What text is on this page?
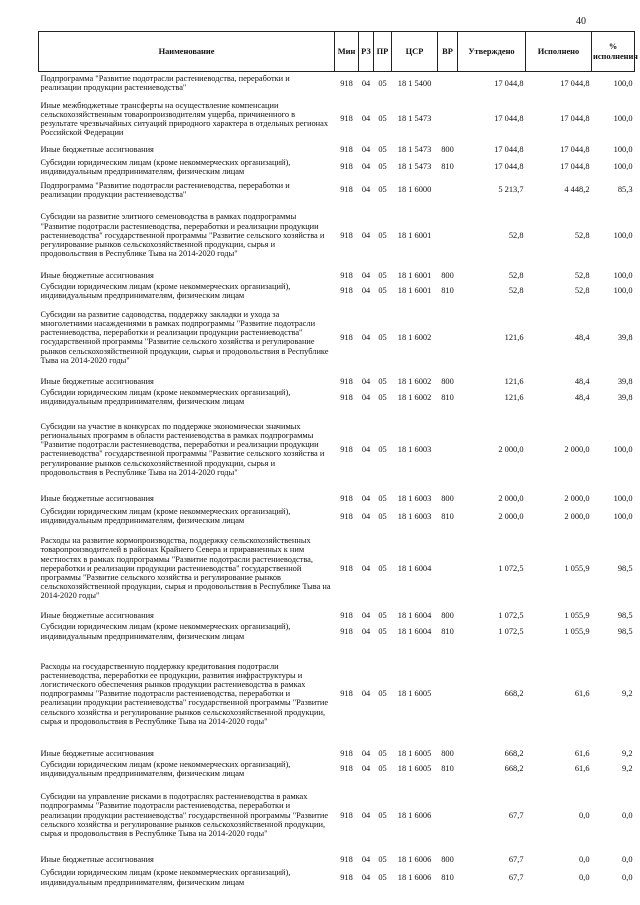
40
Наименование	Мин	РЗ	ПР	ЦСР	ВР	Утверждено	Исполнено	% исполнения
Подпрограмма "Развитие подотрасли растениеводства, переработки и реализации продукции растениеводства"	918	04	05	18 1 5400		17 044,8	17 044,8	100,0
Иные межбюджетные трансферты на осуществление компенсации сельскохозяйственным товаропроизводителям ущерба, причиненного в результате чрезвычайных ситуаций природного характера в отдельных регионах Российской Федерации	918	04	05	18 1 5473		17 044,8	17 044,8	100,0
Иные бюджетные ассигнования	918	04	05	18 1 5473	800	17 044,8	17 044,8	100,0
Субсидии юридическим лицам (кроме некоммерческих организаций), индивидуальным предпринимателям, физическим лицам	918	04	05	18 1 5473	810	17 044,8	17 044,8	100,0
Подпрограмма "Развитие подотрасли растениеводства, переработки и реализации продукции растениеводства"	918	04	05	18 1 6000		5 213,7	4 448,2	85,3
Субсидии на развитие элитного семеноводства в рамках подпрограммы "Развитие подотрасли растениеводства, переработки и реализации продукции растениеводства" государственной программы "Развитие сельского хозяйства и регулирование рынков сельскохозяйственной продукции, сырья и продовольствия в Республике Тыва на 2014-2020 годы"	918	04	05	18 1 6001		52,8	52,8	100,0
Иные бюджетные ассигнования	918	04	05	18 1 6001	800	52,8	52,8	100,0
Субсидии юридическим лицам (кроме некоммерческих организаций), индивидуальным предпринимателям, физическим лицам	918	04	05	18 1 6001	810	52,8	52,8	100,0
Субсидии на развитие садоводства, поддержку закладки и ухода за многолетними насаждениями в рамках подпрограммы "Развитие подотрасли растениеводства, переработки и реализации продукции растениеводства" государственной программы "Развитие сельского хозяйства и регулирование рынков сельскохозяйственной продукции, сырья и продовольствия в Республике Тыва на 2014-2020 годы"	918	04	05	18 1 6002		121,6	48,4	39,8
Иные бюджетные ассигнования	918	04	05	18 1 6002	800	121,6	48,4	39,8
Субсидии юридическим лицам (кроме некоммерческих организаций), индивидуальным предпринимателям, физическим лицам	918	04	05	18 1 6002	810	121,6	48,4	39,8
Субсидии на участие в конкурсах по поддержке экономически значимых региональных программ в области растениеводства в рамках подпрограммы "Развитие подотрасли растениеводства, переработки и реализации продукции растениеводства" государственной программы "Развитие сельского хозяйства и регулирование рынков сельскохозяйственной продукции, сырья и продовольствия в Республике Тыва на 2014-2020 годы"	918	04	05	18 1 6003		2 000,0	2 000,0	100,0
Иные бюджетные ассигнования	918	04	05	18 1 6003	800	2 000,0	2 000,0	100,0
Субсидии юридическим лицам (кроме некоммерческих организаций), индивидуальным предпринимателям, физическим лицам	918	04	05	18 1 6003	810	2 000,0	2 000,0	100,0
Расходы на развитие кормопроизводства, поддержку сельскохозяйственных товаропроизводителей в районах Крайнего Севера и приравненных к ним местностях в рамках подпрограммы "Развитие подотрасли растениеводства, переработки и реализации продукции растениеводства" государственной программы "Развитие сельского хозяйства и регулирование рынков сельскохозяйственной продукции, сырья и продовольствия в Республике Тыва на 2014-2020 годы"	918	04	05	18 1 6004		1 072,5	1 055,9	98,5
Иные бюджетные ассигнования	918	04	05	18 1 6004	800	1 072,5	1 055,9	98,5
Субсидии юридическим лицам (кроме некоммерческих организаций), индивидуальным предпринимателям, физическим лицам	918	04	05	18 1 6004	810	1 072,5	1 055,9	98,5
Расходы на государственную поддержку кредитования подотрасли растениеводства, переработки ее продукции, развития инфраструктуры и логистического обеспечения рынков продукции растениеводства в рамках подпрограммы "Развитие подотрасли растениеводства, переработки и реализации продукции растениеводства" государственной программы "Развитие сельского хозяйства и регулирование рынков сельскохозяйственной продукции, сырья и продовольствия в Республике Тыва на 2014-2020 годы"	918	04	05	18 1 6005		668,2	61,6	9,2
Иные бюджетные ассигнования	918	04	05	18 1 6005	800	668,2	61,6	9,2
Субсидии юридическим лицам (кроме некоммерческих организаций), индивидуальным предпринимателям, физическим лицам	918	04	05	18 1 6005	810	668,2	61,6	9,2
Субсидии на управление рисками в подотраслях растениеводства в рамках подпрограммы "Развитие подотрасли растениеводства, переработки и реализации продукции растениеводства" государственной программы "Развитие сельского хозяйства и регулирование рынков сельскохозяйственной продукции, сырья и продовольствия в Республике Тыва на 2014-2020 годы"	918	04	05	18 1 6006		67,7	0,0	0,0
Иные бюджетные ассигнования	918	04	05	18 1 6006	800	67,7	0,0	0,0
Субсидии юридическим лицам (кроме некоммерческих организаций), индивидуальным предпринимателям, физическим лицам	918	04	05	18 1 6006	810	67,7	0,0	0,0
